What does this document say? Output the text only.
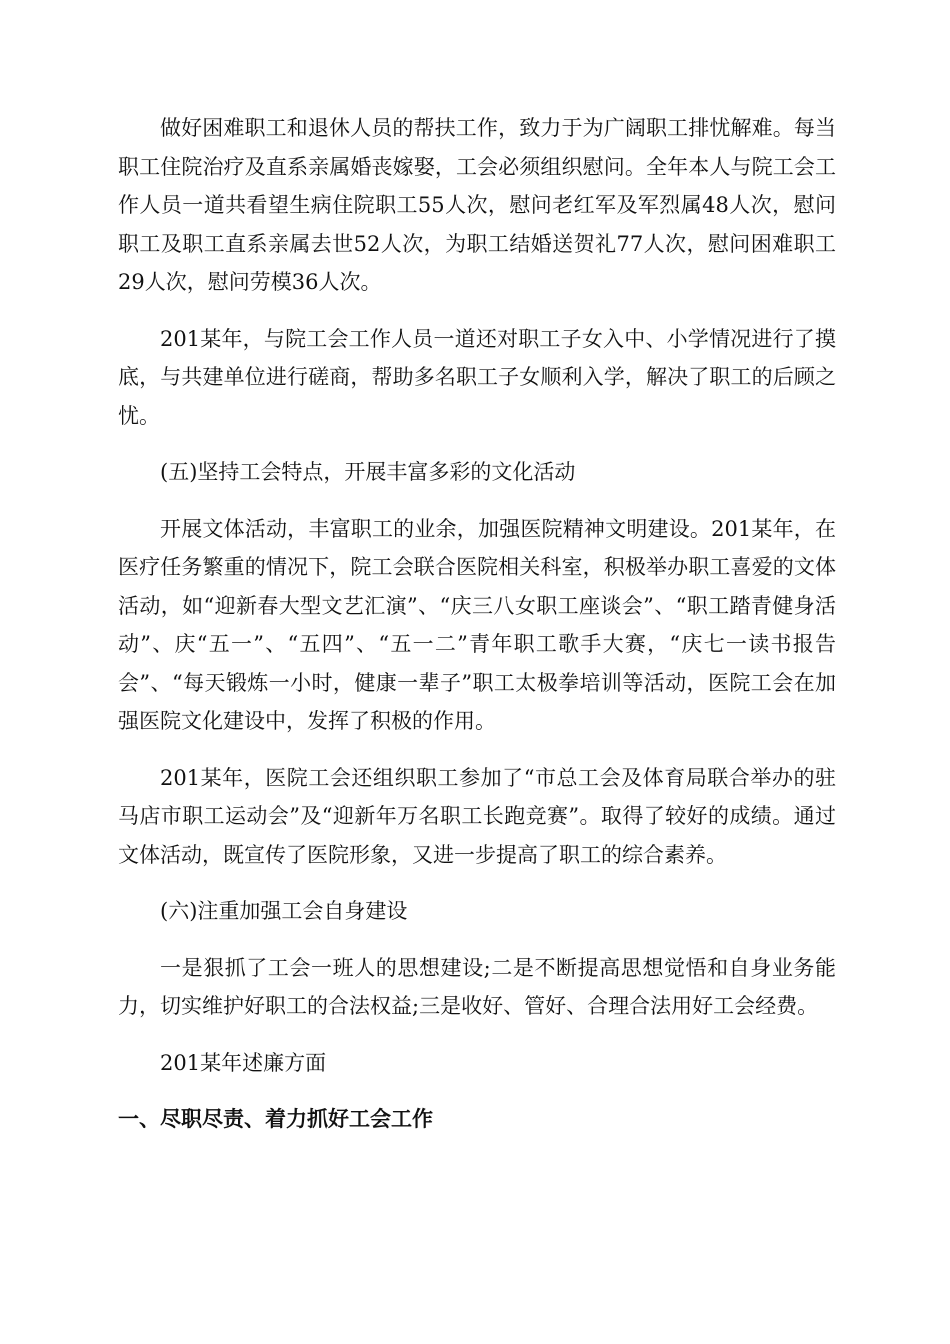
做好困难职工和退休人员的帮扶工作，致力于为广阔职工排忧解难。每当职工住院治疗及直系亲属婚丧嫁娶，工会必须组织慰问。全年本人与院工会工作人员一道共看望生病住院职工55人次，慰问老红军及军烈属48人次，慰问职工及职工直系亲属去世52人次，为职工结婚送贺礼77人次，慰问困难职工29人次，慰问劳模36人次。

201某年，与院工会工作人员一道还对职工子女入中、小学情况进行了摸底，与共建单位进行磋商，帮助多名职工子女顺利入学，解决了职工的后顾之忧。

(五)坚持工会特点，开展丰富多彩的文化活动

开展文体活动，丰富职工的业余，加强医院精神文明建设。201某年，在医疗任务繁重的情况下，院工会联合医院相关科室，积极举办职工喜爱的文体活动，如“迎新春大型文艺汇演”、“庆三八女职工座谈会”、“职工踏青健身活动”、庆“五一”、“五四”、“五一二”青年职工歌手大赛，“庆七一读书报告会”、“每天锻炼一小时，健康一辈子”职工太极拳培训等活动，医院工会在加强医院文化建设中，发挥了积极的作用。

201某年，医院工会还组织职工参加了“市总工会及体育局联合举办的驻马店市职工运动会”及“迎新年万名职工长跑竞赛”。取得了较好的成绩。通过文体活动，既宣传了医院形象，又进一步提高了职工的综合素养。

(六)注重加强工会自身建设

一是狠抓了工会一班人的思想建设;二是不断提高思想觉悟和自身业务能力，切实维护好职工的合法权益;三是收好、管好、合理合法用好工会经费。

201某年述廉方面

一、尽职尽责、着力抓好工会工作
